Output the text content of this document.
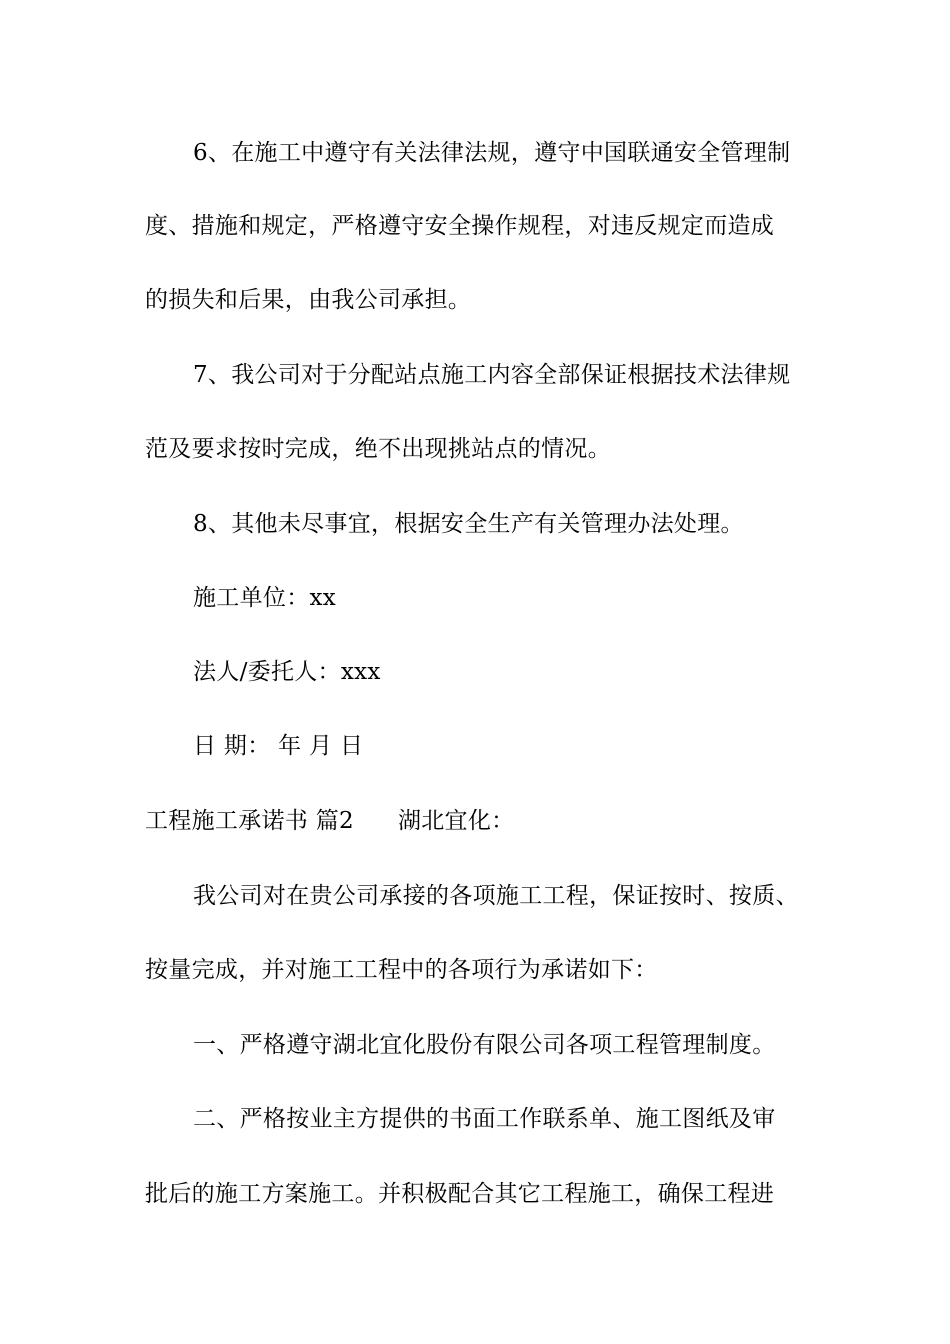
6、在施工中遵守有关法律法规，遵守中国联通安全管理制
度、措施和规定，严格遵守安全操作规程，对违反规定而造成
的损失和后果，由我公司承担。
7、我公司对于分配站点施工内容全部保证根据技术法律规
范及要求按时完成，绝不出现挑站点的情况。
8、其他未尽事宜，根据安全生产有关管理办法处理。
施工单位：xx
法人/委托人：xxx
日 期： 年 月 日
工程施工承诺书 篇2 湖北宜化：
我公司对在贵公司承接的各项施工工程，保证按时、按质、
按量完成，并对施工工程中的各项行为承诺如下：
一、严格遵守湖北宜化股份有限公司各项工程管理制度。
二、严格按业主方提供的书面工作联系单、施工图纸及审
批后的施工方案施工。并积极配合其它工程施工，确保工程进
